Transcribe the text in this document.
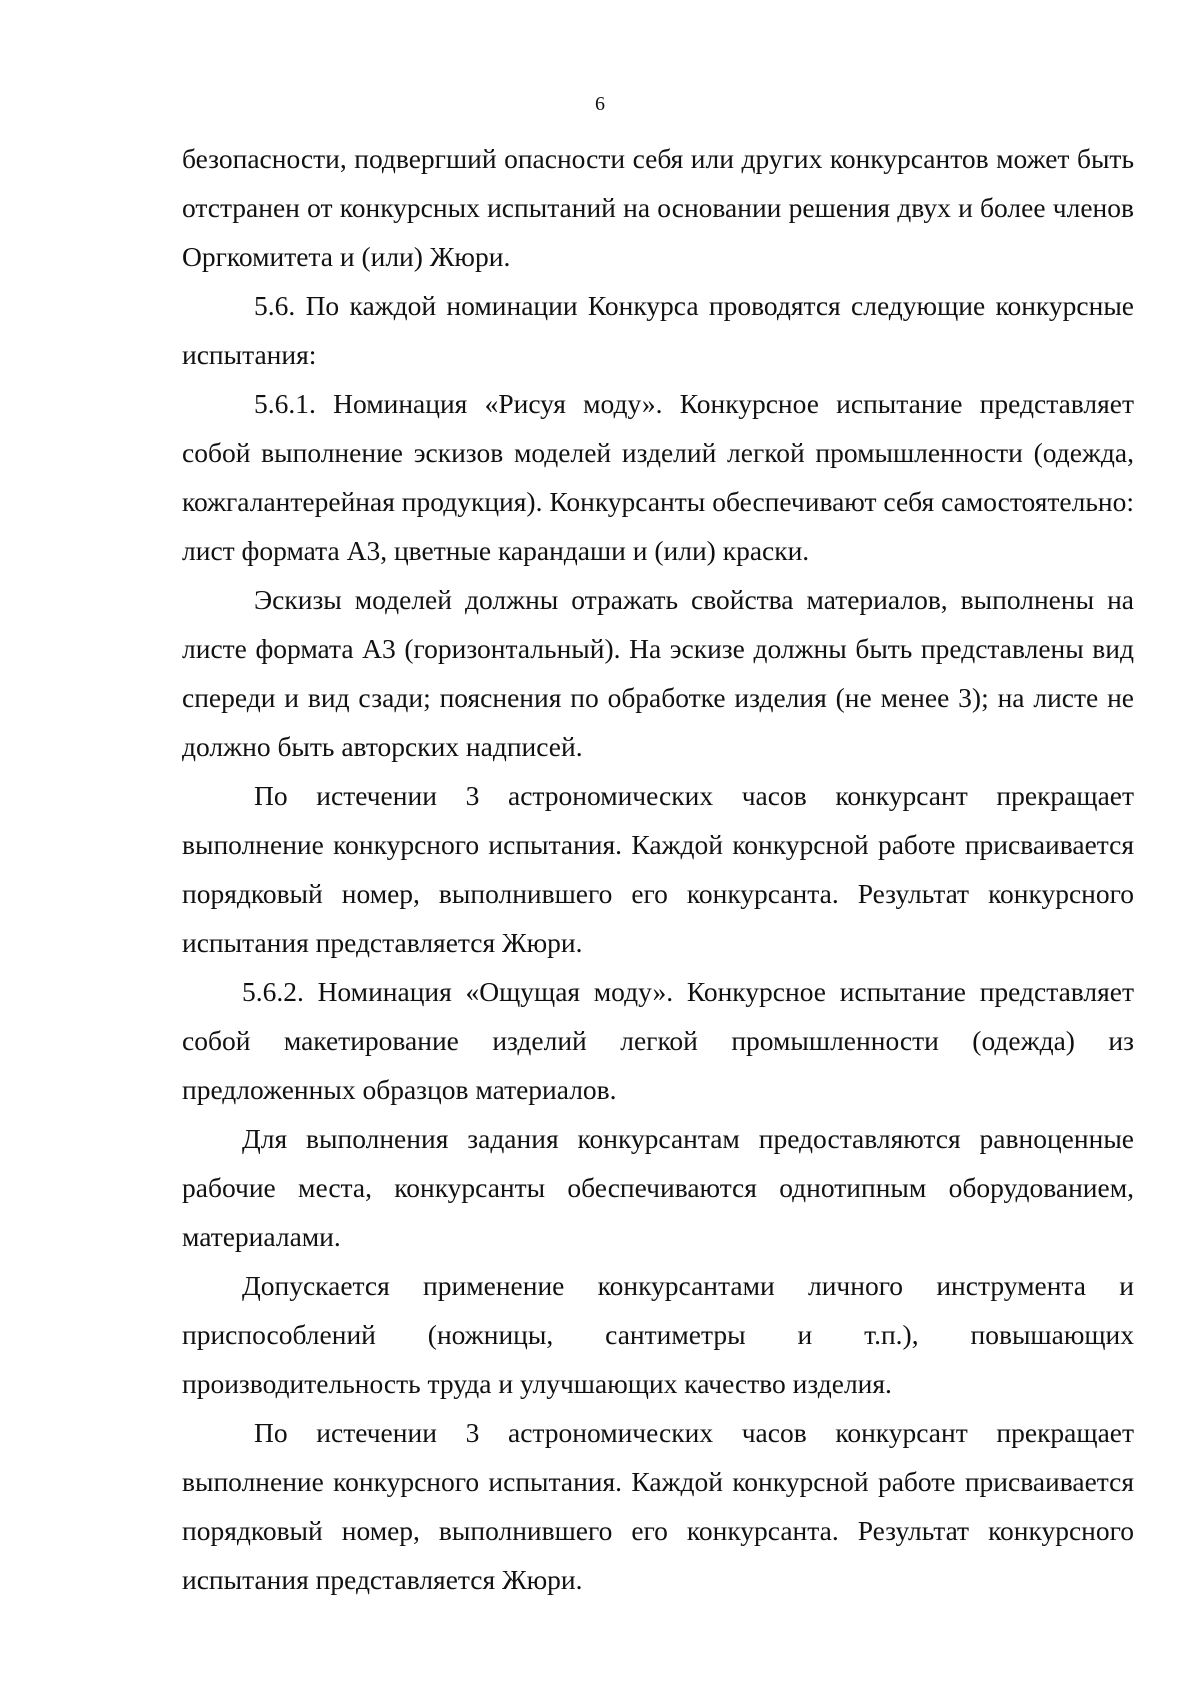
6

безопасности, подвергший опасности себя или других конкурсантов может быть отстранен от конкурсных испытаний на основании решения двух и более членов Оргкомитета и (или) Жюри.

5.6. По каждой номинации Конкурса проводятся следующие конкурсные испытания:

5.6.1. Номинация «Рисуя моду». Конкурсное испытание представляет собой выполнение эскизов моделей изделий легкой промышленности (одежда, кожгалантерейная продукция). Конкурсанты обеспечивают себя самостоятельно: лист формата А3, цветные карандаши и (или) краски.

Эскизы моделей должны отражать свойства материалов, выполнены на листе формата А3 (горизонтальный). На эскизе должны быть представлены вид спереди и вид сзади; пояснения по обработке изделия (не менее 3); на листе не должно быть авторских надписей.

По истечении 3 астрономических часов конкурсант прекращает выполнение конкурсного испытания. Каждой конкурсной работе присваивается порядковый номер, выполнившего его конкурсанта. Результат конкурсного испытания представляется Жюри.

5.6.2. Номинация «Ощущая моду». Конкурсное испытание представляет собой макетирование изделий легкой промышленности (одежда) из предложенных образцов материалов.

Для выполнения задания конкурсантам предоставляются равноценные рабочие места, конкурсанты обеспечиваются однотипным оборудованием, материалами.

Допускается применение конкурсантами личного инструмента и приспособлений (ножницы, сантиметры и т.п.), повышающих производительность труда и улучшающих качество изделия.

По истечении 3 астрономических часов конкурсант прекращает выполнение конкурсного испытания. Каждой конкурсной работе присваивается порядковый номер, выполнившего его конкурсанта. Результат конкурсного испытания представляется Жюри.
